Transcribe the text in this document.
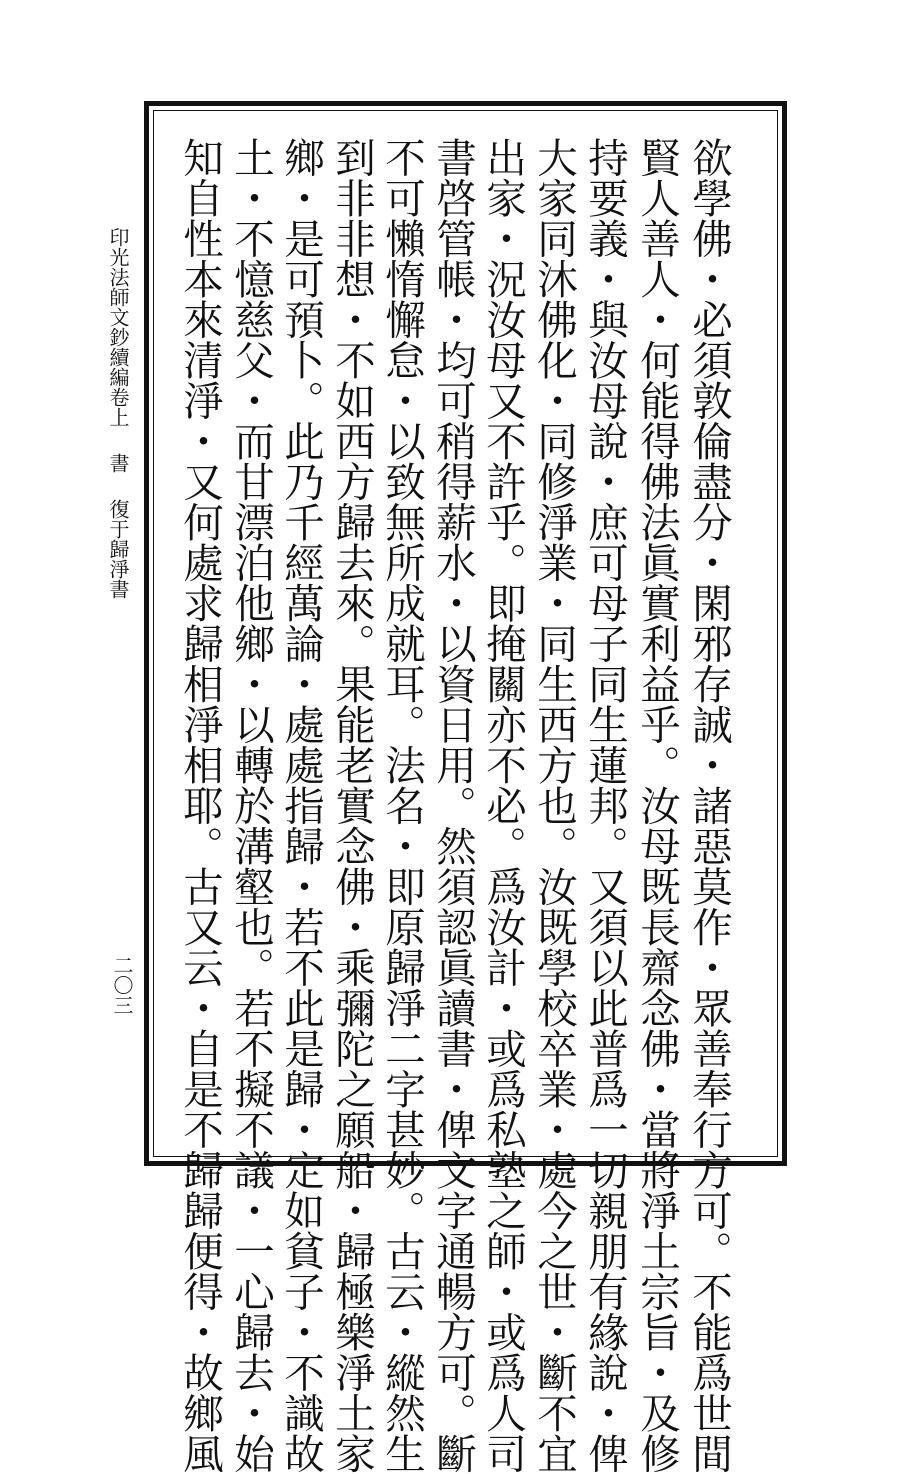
印光法師文鈔續編卷上書復于歸淨書
二〇三	欲學佛・必須敦倫盡分・閑邪存誠・諸惡莫作・眾善奉行方可。不能爲世間
賢人善人・何能得佛法眞實利益乎。汝母既長齋念佛・當將淨土宗旨・及修
持要義・與汝母說・庶可母子同生蓮邦。又須以此普爲一切親朋有緣說・俾
大家同沐佛化・同修淨業・同生西方也。汝既學校卒業・處今之世・斷不宜
出家・況汝母又不許乎。即掩關亦不必。爲汝計・或爲私塾之師・或爲人司
書啓管帳・均可稍得薪水・以資日用。然須認眞讀書・俾文字通暢方可。斷
不可懶惰懈怠・以致無所成就耳。法名・即原歸淨二字甚妙。古云・縱然生
到非非想・不如西方歸去來。果能老實念佛・乘彌陀之願船・歸極樂淨土家
鄉・是可預卜。此乃千經萬論・處處指歸・若不此是歸・定如貧子・不識故
土・不憶慈父・而甘漂泊他鄉・以轉於溝壑也。若不擬不議・一心歸去・始
知自性本來清淨・又何處求歸相淨相耶。古又云・自是不歸歸便得・故鄉風
